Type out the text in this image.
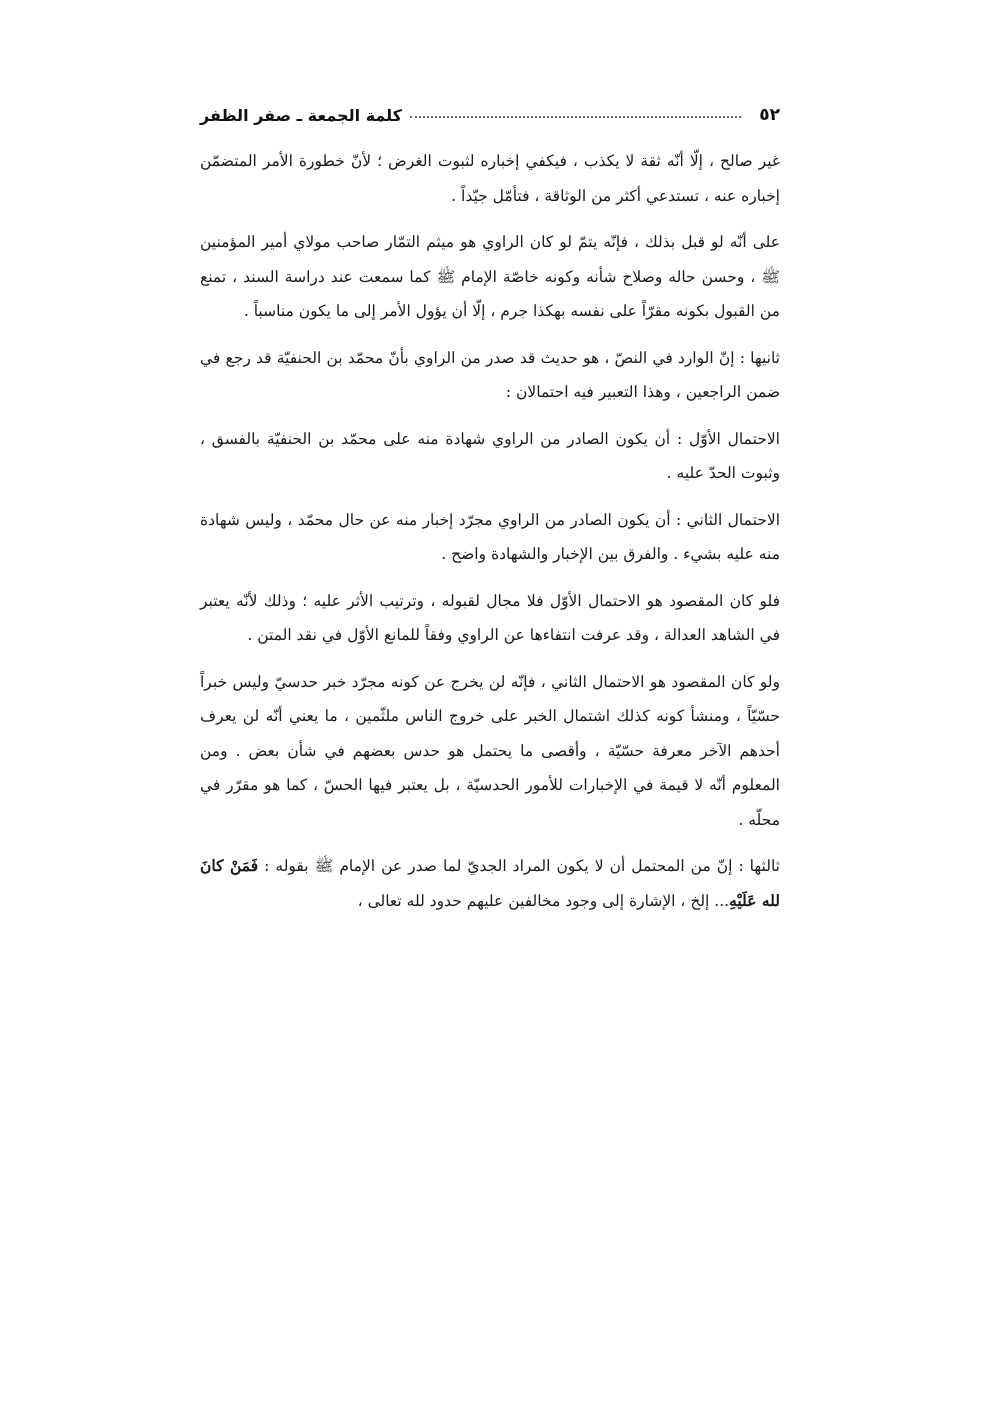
٥٢
كلمة الجمعة ـ صفر الظفر

غير صالح ، إلّا أنّه ثقة لا يكذب ، فيكفي إخباره لثبوت الغرض ؛ لأنّ خطورة الأمر المتضمّن إخباره عنه ، تستدعي أكثر من الوثاقة ، فتأمّل جيّداً .

على أنّه لو قبل بذلك ، فإنّه يتمّ لو كان الراوي هو ميثم التمّار صاحب مولاي أمير المؤمنين ﷺ ، وحسن حاله وصلاح شأنه وكونه خاصّة الإمام ﷺ كما سمعت عند دراسة السند ، تمنع من القبول بكونه مقرّاً على نفسه بهكذا جرم ، إلّا أن يؤول الأمر إلى ما يكون مناسباً .

ثانيها : إنّ الوارد في النصّ ، هو حديث قد صدر من الراوي بأنّ محمّد بن الحنفيّة قد رجع في ضمن الراجعين ، وهذا التعبير فيه احتمالان :

الاحتمال الأوّل : أن يكون الصادر من الراوي شهادة منه على محمّد بن الحنفيّة بالفسق ، وثبوت الحدّ عليه .

الاحتمال الثاني : أن يكون الصادر من الراوي مجرّد إخبار منه عن حال محمّد ، وليس شهادة منه عليه بشيء . والفرق بين الإخبار والشهادة واضح .

فلو كان المقصود هو الاحتمال الأوّل فلا مجال لقبوله ، وترتيب الأثر عليه ؛ وذلك لأنّه يعتبر في الشاهد العدالة ، وقد عرفت انتفاءها عن الراوي وفقاً للمانع الأوّل في نقد المتن .

ولو كان المقصود هو الاحتمال الثاني ، فإنّه لن يخرج عن كونه مجرّد خبر حدسيّ وليس خبراً حسّيّاً ، ومنشأ كونه كذلك اشتمال الخبر على خروج الناس ملثّمين ، ما يعني أنّه لن يعرف أحدهم الآخر معرفة حسّيّة ، وأقصى ما يحتمل هو حدس بعضهم في شأن بعض . ومن المعلوم أنّه لا قيمة في الإخبارات للأمور الحدسيّة ، بل يعتبر فيها الحسّ ، كما هو مقرّر في محلّه .

ثالثها : إنّ من المحتمل أن لا يكون المراد الجديّ لما صدر عن الإمام ﷺ بقوله : فَمَنْ كانَ لله عَلَيْهِ... إلخ ، الإشارة إلى وجود مخالفين عليهم حدود لله تعالى ،
